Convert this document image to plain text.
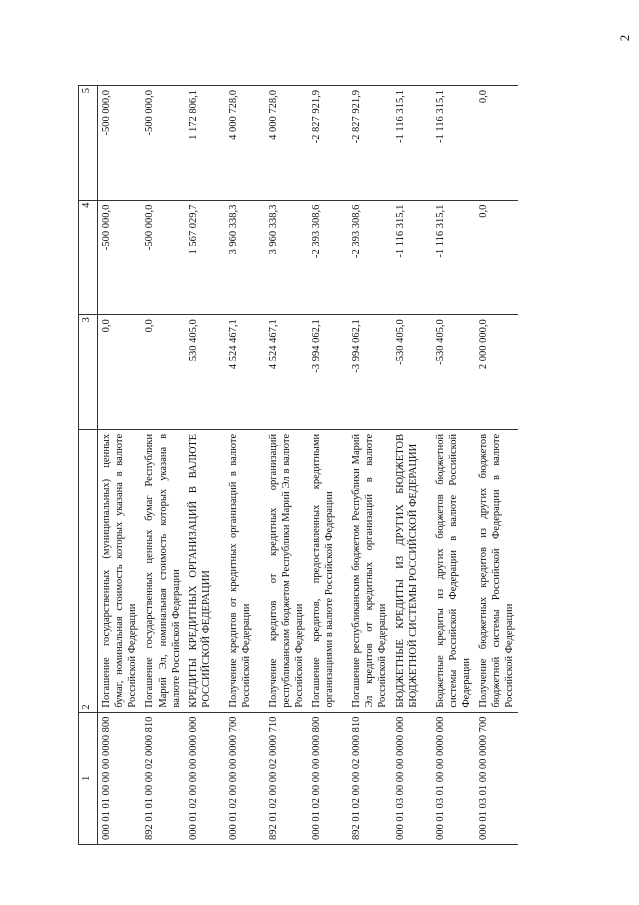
2
1	2	3	4	5
000 01 01 00 00 00 0000 800	Погашение государственных (муниципальных) ценных бумаг, номинальная стоимость которых указана в валюте Российской Федерации	0,0	-500 000,0	-500 000,0
892 01 01 00 00 02 0000 810	Погашение государственных ценных бумаг Республики Марий Эл, номинальная стоимость которых указана в валюте Российской Федерации	0,0	-500 000,0	-500 000,0
000 01 02 00 00 00 0000 000	КРЕДИТЫ КРЕДИТНЫХ ОРГАНИЗАЦИЙ В ВАЛЮТЕ РОССИЙСКОЙ ФЕДЕРАЦИИ	530 405,0	1 567 029,7	1 172 806,1
000 01 02 00 00 00 0000 700	Получение кредитов от кредитных организаций в валюте Российской Федерации	4 524 467,1	3 960 338,3	4 000 728,0
892 01 02 00 00 02 0000 710	Получение кредитов от кредитных организаций республиканским бюджетом Республики Марий Эл в валюте Российской Федерации	4 524 467,1	3 960 338,3	4 000 728,0
000 01 02 00 00 00 0000 800	Погашение кредитов, предоставленных кредитными организациями в валюте Российской Федерации	-3 994 062,1	-2 393 308,6	-2 827 921,9
892 01 02 00 00 02 0000 810	Погашение республиканским бюджетом Республики Марий Эл кредитов от кредитных организаций в валюте Российской Федерации	-3 994 062,1	-2 393 308,6	-2 827 921,9
000 01 03 00 00 00 0000 000	БЮДЖЕТНЫЕ КРЕДИТЫ ИЗ ДРУГИХ БЮДЖЕТОВ БЮДЖЕТНОЙ СИСТЕМЫ РОССИЙСКОЙ ФЕДЕРАЦИИ	-530 405,0	-1 116 315,1	-1 116 315,1
000 01 03 01 00 00 0000 000	Бюджетные кредиты из других бюджетов бюджетной системы Российской Федерации в валюте Российской Федерации	-530 405,0	-1 116 315,1	-1 116 315,1
000 01 03 01 00 00 0000 700	Получение бюджетных кредитов из других бюджетов бюджетной системы Российской Федерации в валюте Российской Федерации	2 000 000,0	0,0	0,0
